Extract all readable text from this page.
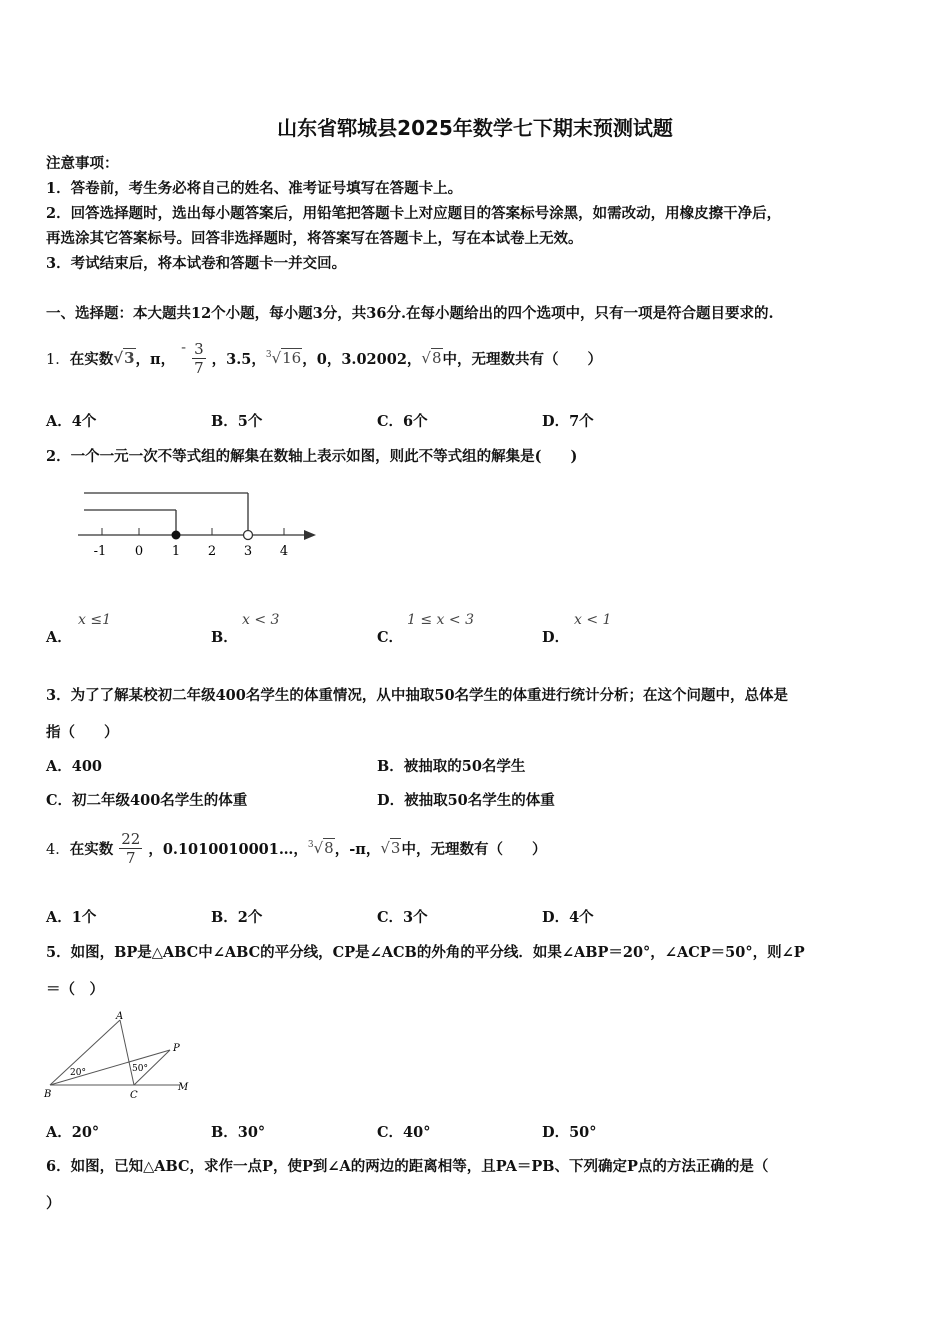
山东省郓城县2025年数学七下期末预测试题
注意事项：
1．答卷前，考生务必将自己的姓名、准考证号填写在答题卡上。
2．回答选择题时，选出每小题答案后，用铅笔把答题卡上对应题目的答案标号涂黑，如需改动，用橡皮擦干净后，
再选涂其它答案标号。回答非选择题时，将答案写在答题卡上，写在本试卷上无效。
3．考试结束后，将本试卷和答题卡一并交回。
一、选择题：本大题共12个小题，每小题3分，共36分.在每小题给出的四个选项中，只有一项是符合题目要求的.
1． 在实数 √3 ，π，
- $\frac{3}{7}$ ，3.5， $^3$√16 ，0，3.02002， √8 中，无理数共有（　　）
A．4个	B．5个	C．6个	D．7个
2．一个一元一次不等式组的解集在数轴上表示如图，则此不等式组的解集是(　　)
-1 0 1 2 3 4
A．
x ≤1
B．
x < 3
C．
1 ≤ x < 3
D．
x < 1
3．为了了解某校初二年级400名学生的体重情况，从中抽取50名学生的体重进行统计分析；在这个问题中，总体是
指（　　）
A．400	B．被抽取的50名学生
C．初二年级400名学生的体重	D．被抽取50名学生的体重
4． 在实数 $\frac{22}{7}$ ，0.1010010001…， $^3$√8 ，-π， √3 中，无理数有（　　）
A．1个	B．2个	C．3个	D．4个
5．如图，BP是△ABC中∠ABC的平分线，CP是∠ACB的外角的平分线．如果∠ABP＝20°，∠ACP＝50°，则∠P
＝（　）
A
B	C
P
M
20°	50°
A．20°	B．30°	C．40°	D．50°
6．如图，已知△ABC，求作一点P，使P到∠A的两边的距离相等，且PA＝PB、下列确定P点的方法正确的是（
）
